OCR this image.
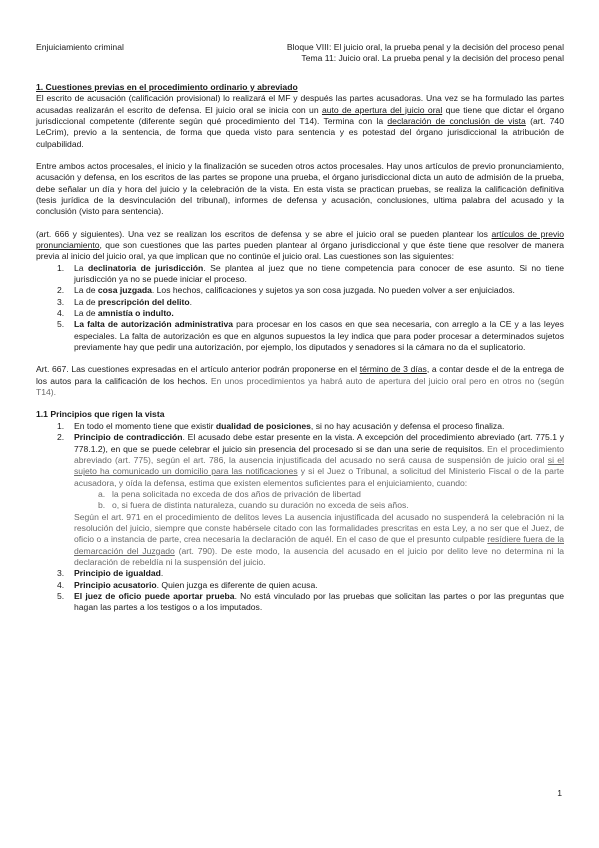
Enjuiciamiento criminal	Bloque VIII: El juicio oral, la prueba penal y la decisión del proceso penal
Tema 11: Juicio oral. La prueba penal y la decisión del proceso penal
1. Cuestiones previas en el procedimiento ordinario y abreviado

El escrito de acusación (calificación provisional) lo realizará el MF y después las partes acusadoras. Una vez se ha formulado las partes acusadas realizarán el escrito de defensa. El juicio oral se inicia con un auto de apertura del juicio oral que tiene que dictar el órgano jurisdiccional competente (diferente según qué procedimiento del T14). Termina con la declaración de conclusión de vista (art. 740 LeCrim), previo a la sentencia, de forma que queda visto para sentencia y es potestad del órgano jurisdiccional la atribución de culpabilidad.

Entre ambos actos procesales, el inicio y la finalización se suceden otros actos procesales. Hay unos artículos de previo pronunciamiento, acusación y defensa, en los escritos de las partes se propone una prueba, el órgano jurisdiccional dicta un auto de admisión de la prueba, debe señalar un día y hora del juicio y la celebración de la vista. En esta vista se practican pruebas, se realiza la calificación definitiva (tesis jurídica de la desvinculación del tribunal), informes de defensa y acusación, conclusiones, ultima palabra del acusado y la conclusión (visto para sentencia).

(art. 666 y siguientes). Una vez se realizan los escritos de defensa y se abre el juicio oral se pueden plantear los artículos de previo pronunciamiento, que son cuestiones que las partes pueden plantear al órgano jurisdiccional y que éste tiene que resolver de manera previa al inicio del juicio oral, ya que implican que no continúe el juicio oral. Las cuestiones son las siguientes:

1. La declinatoria de jurisdicción. Se plantea al juez que no tiene competencia para conocer de ese asunto. Si no tiene jurisdicción ya no se puede iniciar el proceso.
2. La de cosa juzgada. Los hechos, calificaciones y sujetos ya son cosa juzgada. No pueden volver a ser enjuiciados.
3. La de prescripción del delito.
4. La de amnistía o indulto.
5. La falta de autorización administrativa para procesar en los casos en que sea necesaria, con arreglo a la CE y a las leyes especiales. La falta de autorización es que en algunos supuestos la ley indica que para poder procesar a determinados sujetos previamente hay que pedir una autorización, por ejemplo, los diputados y senadores si la cámara no da el suplicatorio.

Art. 667. Las cuestiones expresadas en el artículo anterior podrán proponerse en el término de 3 días, a contar desde el de la entrega de los autos para la calificación de los hechos. En unos procedimientos ya habrá auto de apertura del juicio oral pero en otros no (según T14).

1.1 Principios que rigen la vista
1. En todo el momento tiene que existir dualidad de posiciones, si no hay acusación y defensa el proceso finaliza.
2. Principio de contradicción. El acusado debe estar presente en la vista. A excepción del procedimiento abreviado (art. 775.1 y 778.1.2), en que se puede celebrar el juicio sin presencia del procesado si se dan una serie de requisitos. En el procedimiento abreviado (art. 775), según el art. 786, la ausencia injustificada del acusado no será causa de suspensión de juicio oral si el sujeto ha comunicado un domicilio para las notificaciones y si el Juez o Tribunal, a solicitud del Ministerio Fiscal o de la parte acusadora, y oída la defensa, estima que existen elementos suficientes para el enjuiciamiento, cuando:
a. la pena solicitada no exceda de dos años de privación de libertad
b. o, si fuera de distinta naturaleza, cuando su duración no exceda de seis años.

Según el art. 971 en el procedimiento de delitos leves La ausencia injustificada del acusado no suspenderá la celebración ni la resolución del juicio, siempre que conste habérsele citado con las formalidades prescritas en esta Ley, a no ser que el Juez, de oficio o a instancia de parte, crea necesaria la declaración de aquél. En el caso de que el presunto culpable resídiere fuera de la demarcación del Juzgado (art. 790). De este modo, la ausencia del acusado en el juicio por delito leve no determina ni la declaración de rebeldía ni la suspensión del juicio.

3. Principio de igualdad.
4. Principio acusatorio. Quien juzga es diferente de quien acusa.
5. El juez de oficio puede aportar prueba. No está vinculado por las pruebas que solicitan las partes o por las preguntas que hagan las partes a los testigos o a los imputados.
1
